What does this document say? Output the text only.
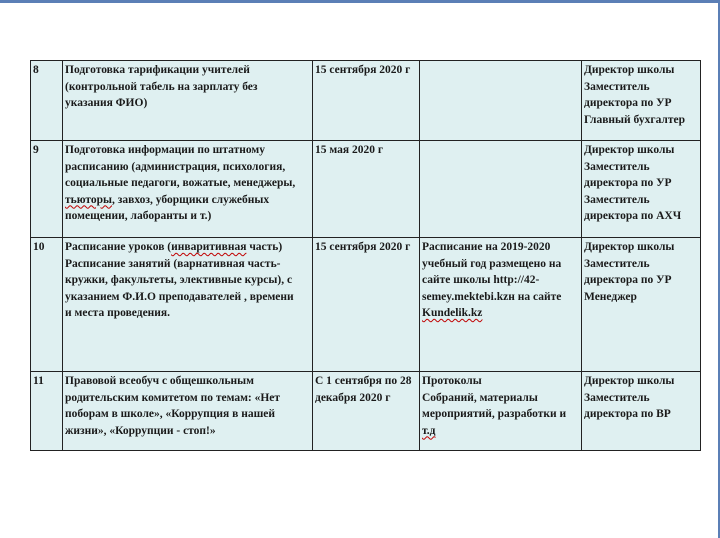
8	Подготовка тарификации учителей
(контрольной табель на зарплату без
указания ФИО)	15 сентября 2020 г		Директор школы
Заместитель
директора по УР
Главный бухгалтер
9	Подготовка информации по штатному
расписанию (администрация, психология,
социальные педагоги, вожатые, менеджеры,
тьюторы, завхоз, уборщики служебных
помещении, лаборанты и т.)	15 мая 2020 г		Директор школы
Заместитель
директора по УР
Заместитель
директора по АХЧ
10	Расписание уроков (инваритивная часть)
Расписание занятий (варнативная часть-
кружки, факультеты, элективные курсы), с
указанием Ф.И.О преподавателей , времени
и места проведения.	15 сентября 2020 г	Расписание на 2019-2020
учебный год размещено на
сайте школы http://42-
semey.mektebi.kzн на сайте
Kundelik.kz	Директор школы
Заместитель
директора по УР
Менеджер
11	Правовой всеобуч с общешкольным
родительским комитетом по темам: «Нет
поборам в школе», «Коррупция в нашей
жизни», «Коррупции - стоп!»	С 1 сентября по 28
декабря 2020 г	Протоколы
Собраний, материалы
мероприятий, разработки и т.д	Директор школы
Заместитель
директора по ВР
